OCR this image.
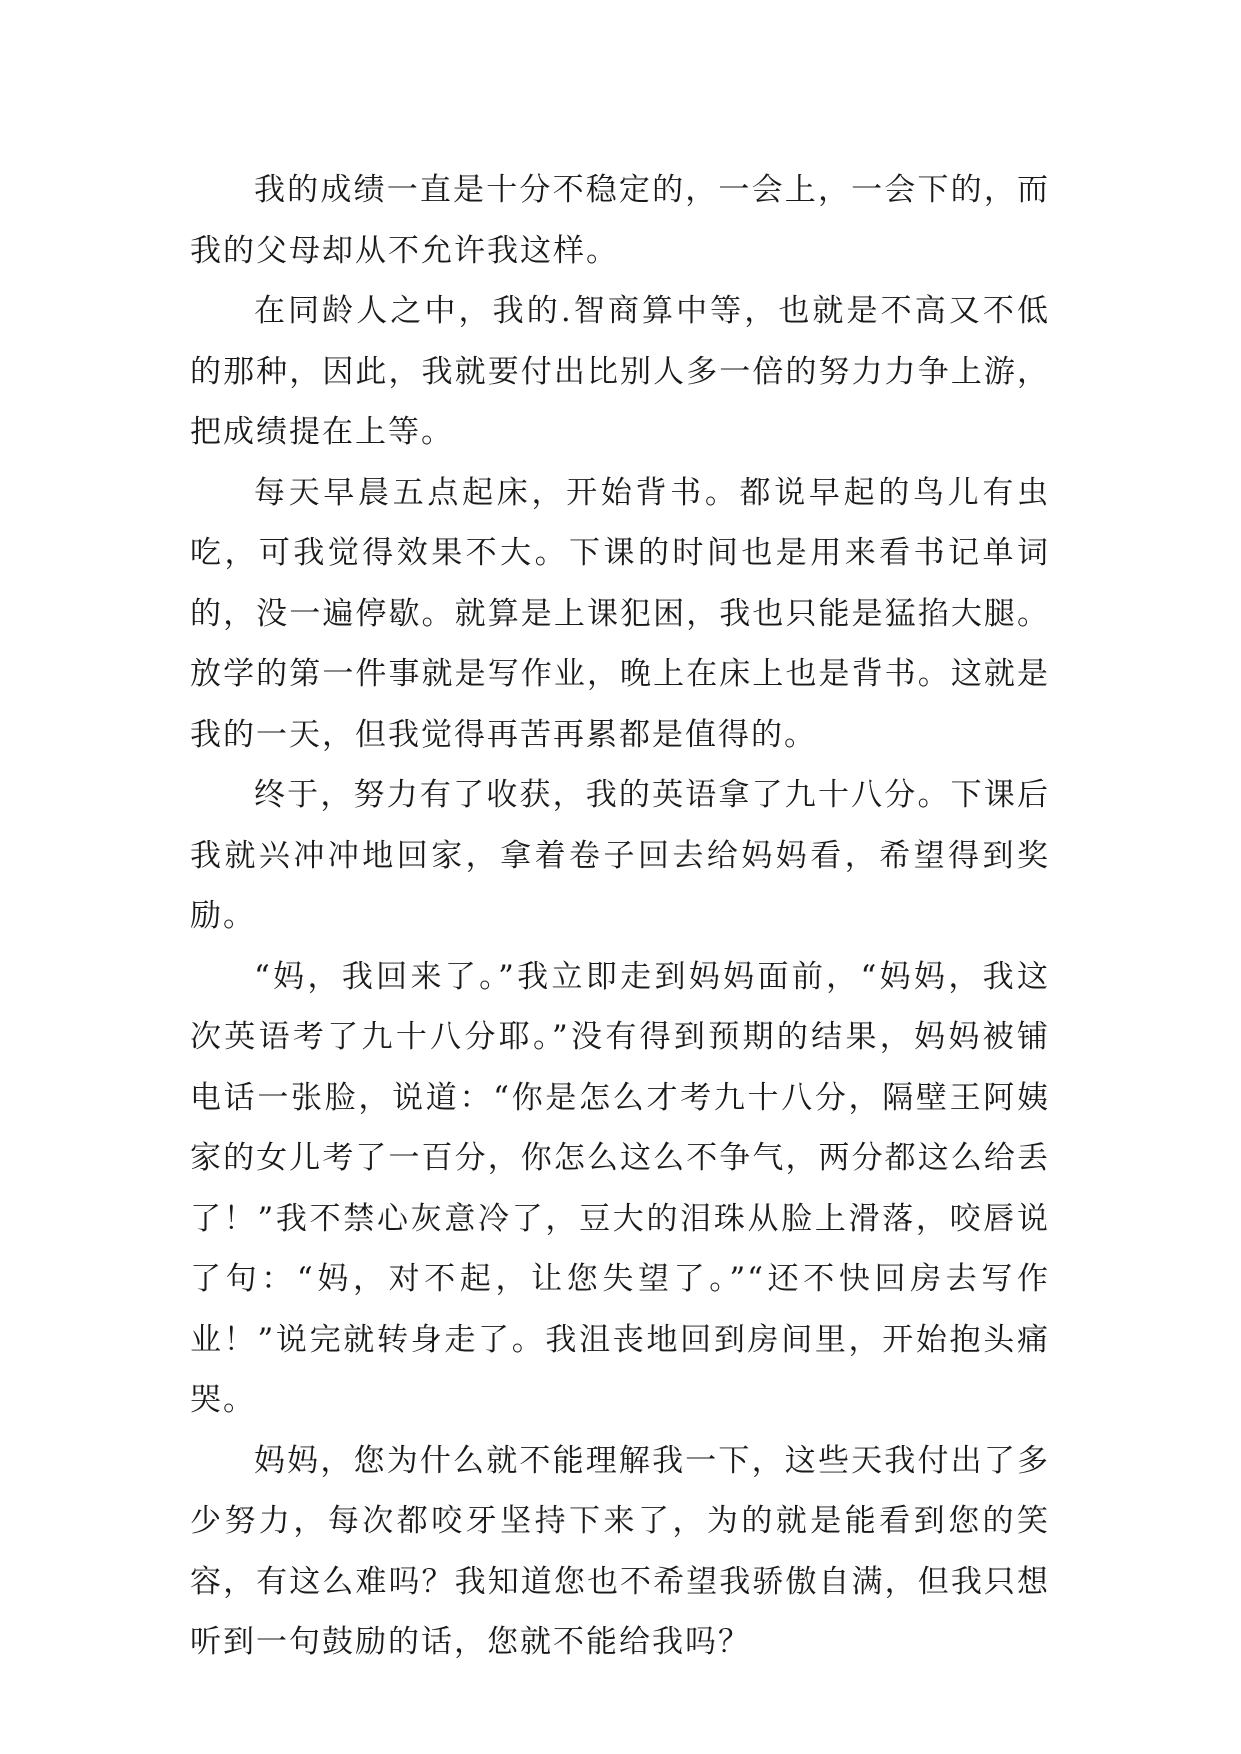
我的成绩一直是十分不稳定的，一会上，一会下的，而我的父母却从不允许我这样。

在同龄人之中，我的.智商算中等，也就是不高又不低的那种，因此，我就要付出比别人多一倍的努力力争上游，把成绩提在上等。

每天早晨五点起床，开始背书。都说早起的鸟儿有虫吃，可我觉得效果不大。下课的时间也是用来看书记单词的，没一遍停歇。就算是上课犯困，我也只能是猛掐大腿。放学的第一件事就是写作业，晚上在床上也是背书。这就是我的一天，但我觉得再苦再累都是值得的。

终于，努力有了收获，我的英语拿了九十八分。下课后我就兴冲冲地回家，拿着卷子回去给妈妈看，希望得到奖励。

“妈，我回来了。”我立即走到妈妈面前，“妈妈，我这次英语考了九十八分耶。”没有得到预期的结果，妈妈被铺电话一张脸，说道：“你是怎么才考九十八分，隔壁王阿姨家的女儿考了一百分，你怎么这么不争气，两分都这么给丢了！”我不禁心灰意冷了，豆大的泪珠从脸上滑落，咬唇说了句：“妈，对不起，让您失望了。”“还不快回房去写作业！”说完就转身走了。我沮丧地回到房间里，开始抱头痛哭。

妈妈，您为什么就不能理解我一下，这些天我付出了多少努力，每次都咬牙坚持下来了，为的就是能看到您的笑容，有这么难吗？我知道您也不希望我骄傲自满，但我只想听到一句鼓励的话，您就不能给我吗？
